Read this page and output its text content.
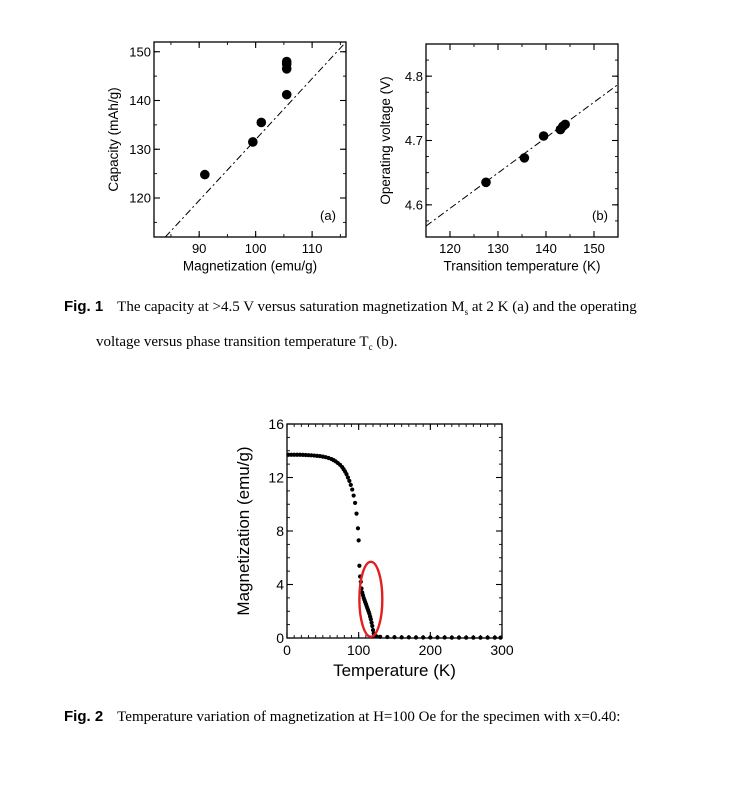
90	100	110
120
130
140
150
Magnetization (emu/g)
Capacity (mAh/g)
(a)
120 130 140 150
4.6
4.7
4.8
Transition temperature (K)
Operating voltage (V)
(b)
0	100	200	300
0
4
8
12
16
Temperature (K)
Magnetization (emu/g)
Fig. 1 The capacity at >4.5 V versus saturation magnetization $M_s$ at 2 K (a) and the operating
voltage versus phase transition temperature $T_c$ (b).
Fig. 2 Temperature variation of magnetization at H=100 Oe for the specimen with x=0.40:
